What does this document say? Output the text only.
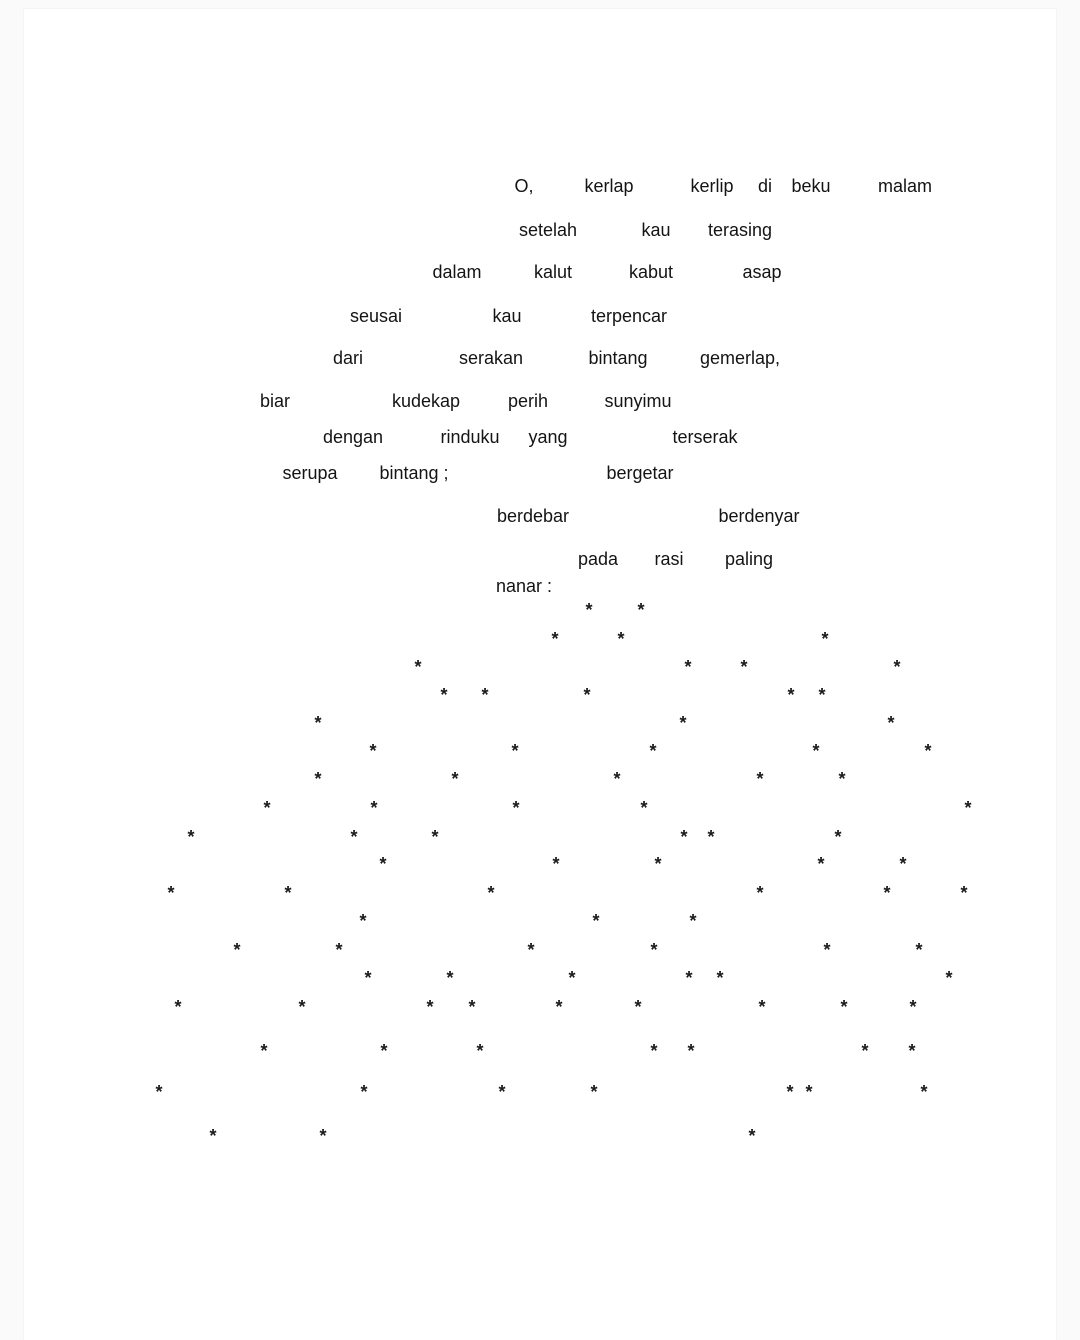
O,	kerlap	kerlip di beku	malam
setelah	kau terasing
dalam	kalut	kabut	asap
seusai	kau	terpencar
dari	serakan	bintang	gemerlap,
biar	kudekap	perih	sunyimu
dengan	rinduku yang	terserak
serupa bintang ;	bergetar
berdebar	berdenyar
pada rasi paling
nanar :
* *
*	*	*
*	*	*	*
* *	*	* *
*	*	*
*	*	*	*	*
*	*	*	*	*
*	*	*	*	*
*	*	*	* *	*
*	*	*	*	*
*	*	*	*	*	*
*	*	*
*	*	*	*	*	*
*	*	*	* *	*
*	*	* *	*	*	*	*	*
*	*	*	* *	* *
*	*	*	*	* *	*
*	*	*
